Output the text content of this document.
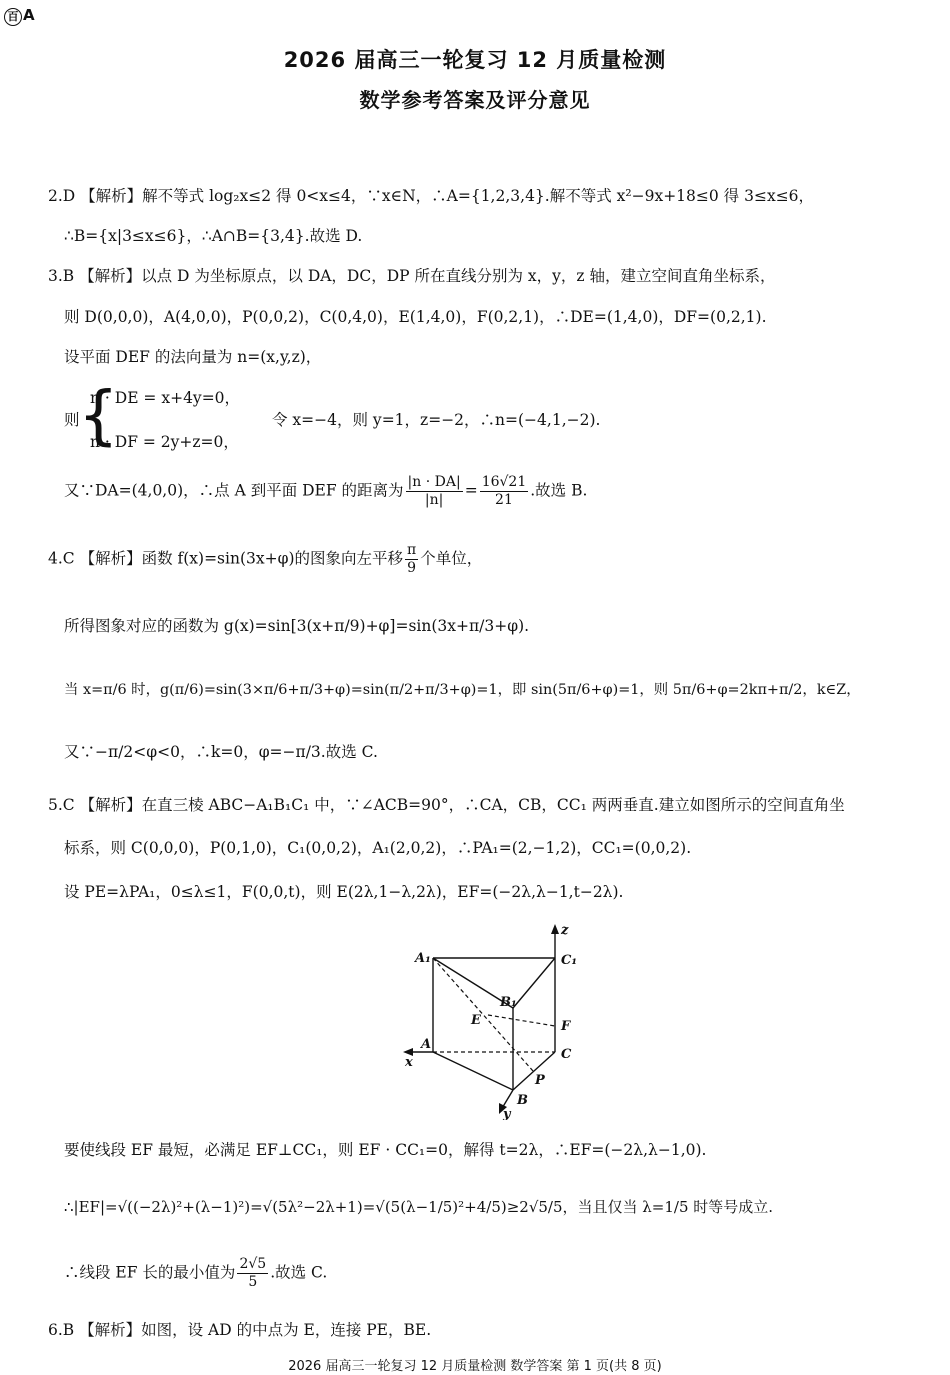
百 A
2026 届高三一轮复习 12 月质量检测
数学参考答案及评分意见
2.D 【解析】解不等式 log₂x≤2 得 0<x≤4，∵x∈N，∴A={1,2,3,4}.解不等式 x²−9x+18≤0 得 3≤x≤6，
∴B={x|3≤x≤6}，∴A∩B={3,4}.故选 D.
3.B 【解析】以点 D 为坐标原点，以 DA，DC，DP 所在直线分别为 x，y，z 轴，建立空间直角坐标系，
则 D(0,0,0)，A(4,0,0)，P(0,0,2)，C(0,4,0)，E(1,4,0)，F(0,2,1)，∴DE=(1,4,0)，DF=(0,2,1).
设平面 DEF 的法向量为 n=(x,y,z)，
则
{
n · DE = x+4y=0，
n · DF = 2y+z=0，
令 x=−4，则 y=1，z=−2，∴n=(−4,1,−2).
又∵DA=(4,0,0)，∴点 A 到平面 DEF 的距离为 $\frac{|n \cdot DA|}{|n|} = \frac{16√21}{21}$ .故选 B.
4.C 【解析】函数 f(x)=sin(3x+φ)的图象向左平移 $\frac{\pi}{9}$ 个单位，
所得图象对应的函数为 g(x)=sin[3(x+π/9)+φ]=sin(3x+π/3+φ).
当 x=π/6 时，g(π/6)=sin(3×π/6+π/3+φ)=sin(π/2+π/3+φ)=1，即 sin(5π/6+φ)=1，则 5π/6+φ=2kπ+π/2，k∈Z，
又∵−π/2<φ<0，∴k=0，φ=−π/3.故选 C.
5.C 【解析】在直三棱 ABC−A₁B₁C₁ 中，∵∠ACB=90°，∴CA，CB，CC₁ 两两垂直.建立如图所示的空间直角坐
标系，则 C(0,0,0)，P(0,1,0)，C₁(0,0,2)，A₁(2,0,2)，∴PA₁=(2,−1,2)，CC₁=(0,0,2).
设 PE=λPA₁，0≤λ≤1，F(0,0,t)，则 E(2λ,1−λ,2λ)，EF=(−2λ,λ−1,t−2λ).
z
A₁	C₁
B₁
E	F
x
A
C
P
B
y
要使线段 EF 最短，必满足 EF⊥CC₁，则 EF · CC₁=0，解得 t=2λ，∴EF=(−2λ,λ−1,0).
∴|EF|=√((−2λ)²+(λ−1)²)=√(5λ²−2λ+1)=√(5(λ−1/5)²+4/5)≥2√5/5，当且仅当 λ=1/5 时等号成立.
∴线段 EF 长的最小值为 $\frac{2√5}{5}$ .故选 C.
6.B 【解析】如图，设 AD 的中点为 E，连接 PE，BE.
2026 届高三一轮复习 12 月质量检测 数学答案 第 1 页(共 8 页)
